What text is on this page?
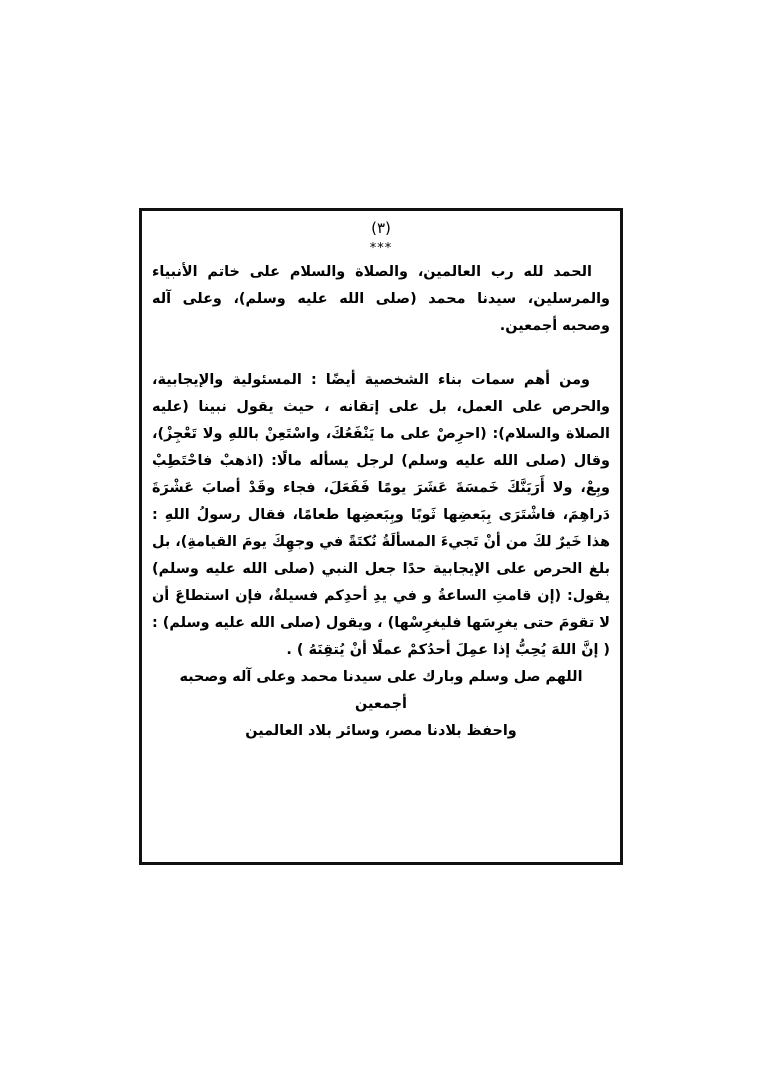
(٣)
***

الحمد لله رب العالمين، والصلاة والسلام على خاتم الأنبياء والمرسلين، سيدنا محمد (صلى الله عليه وسلم)، وعلى آله وصحبه أجمعين.

ومن أهم سمات بناء الشخصية أيضًا : المسئولية والإيجابية، والحرص على العمل، بل على إتقانه ، حيث يقول نبينا (عليه الصلاة والسلام): (احرِصْ على ما يَنْفَعُكَ، واسْتَعِنْ باللهِ ولا تَعْجِزْ)، وقال (صلى الله عليه وسلم) لرجل يسأله مالًا: (اذهبْ فاحْتَطِبْ وبِعْ، ولا أَرَيَنَّكَ خَمسَةَ عَشَرَ يومًا فَفَعَلَ، فجاء وقَدْ أصابَ عَشْرَةَ دَراهِمَ، فاشْتَرَى بِبَعضِها ثَوبًا وبِبَعضِها طعامًا، فقال رسولُ اللهِ : هذا خَيرٌ لكَ من أنْ تَجيءَ المسألَةُ نُكتَةً في وجهِكَ يومَ القيامةِ)، بل بلغ الحرص على الإيجابية حدًا جعل النبي (صلى الله عليه وسلم) يقول: (إن قامتِ الساعةُ و في يدِ أحدِكم فسيلةٌ، فإن استطاعَ أن لا تقومَ حتى يغرِسَها فليغرِسْها) ، ويقول (صلى الله عليه وسلم) : ( إنَّ اللهَ يُحِبُّ إذا عمِلَ أحدُكمْ عملًا أنْ يُتقِنَهُ ) .

اللهم صل وسلم وبارك على سيدنا محمد وعلى آله وصحبه أجمعين

واحفظ بلادنا مصر، وسائر بلاد العالمين
